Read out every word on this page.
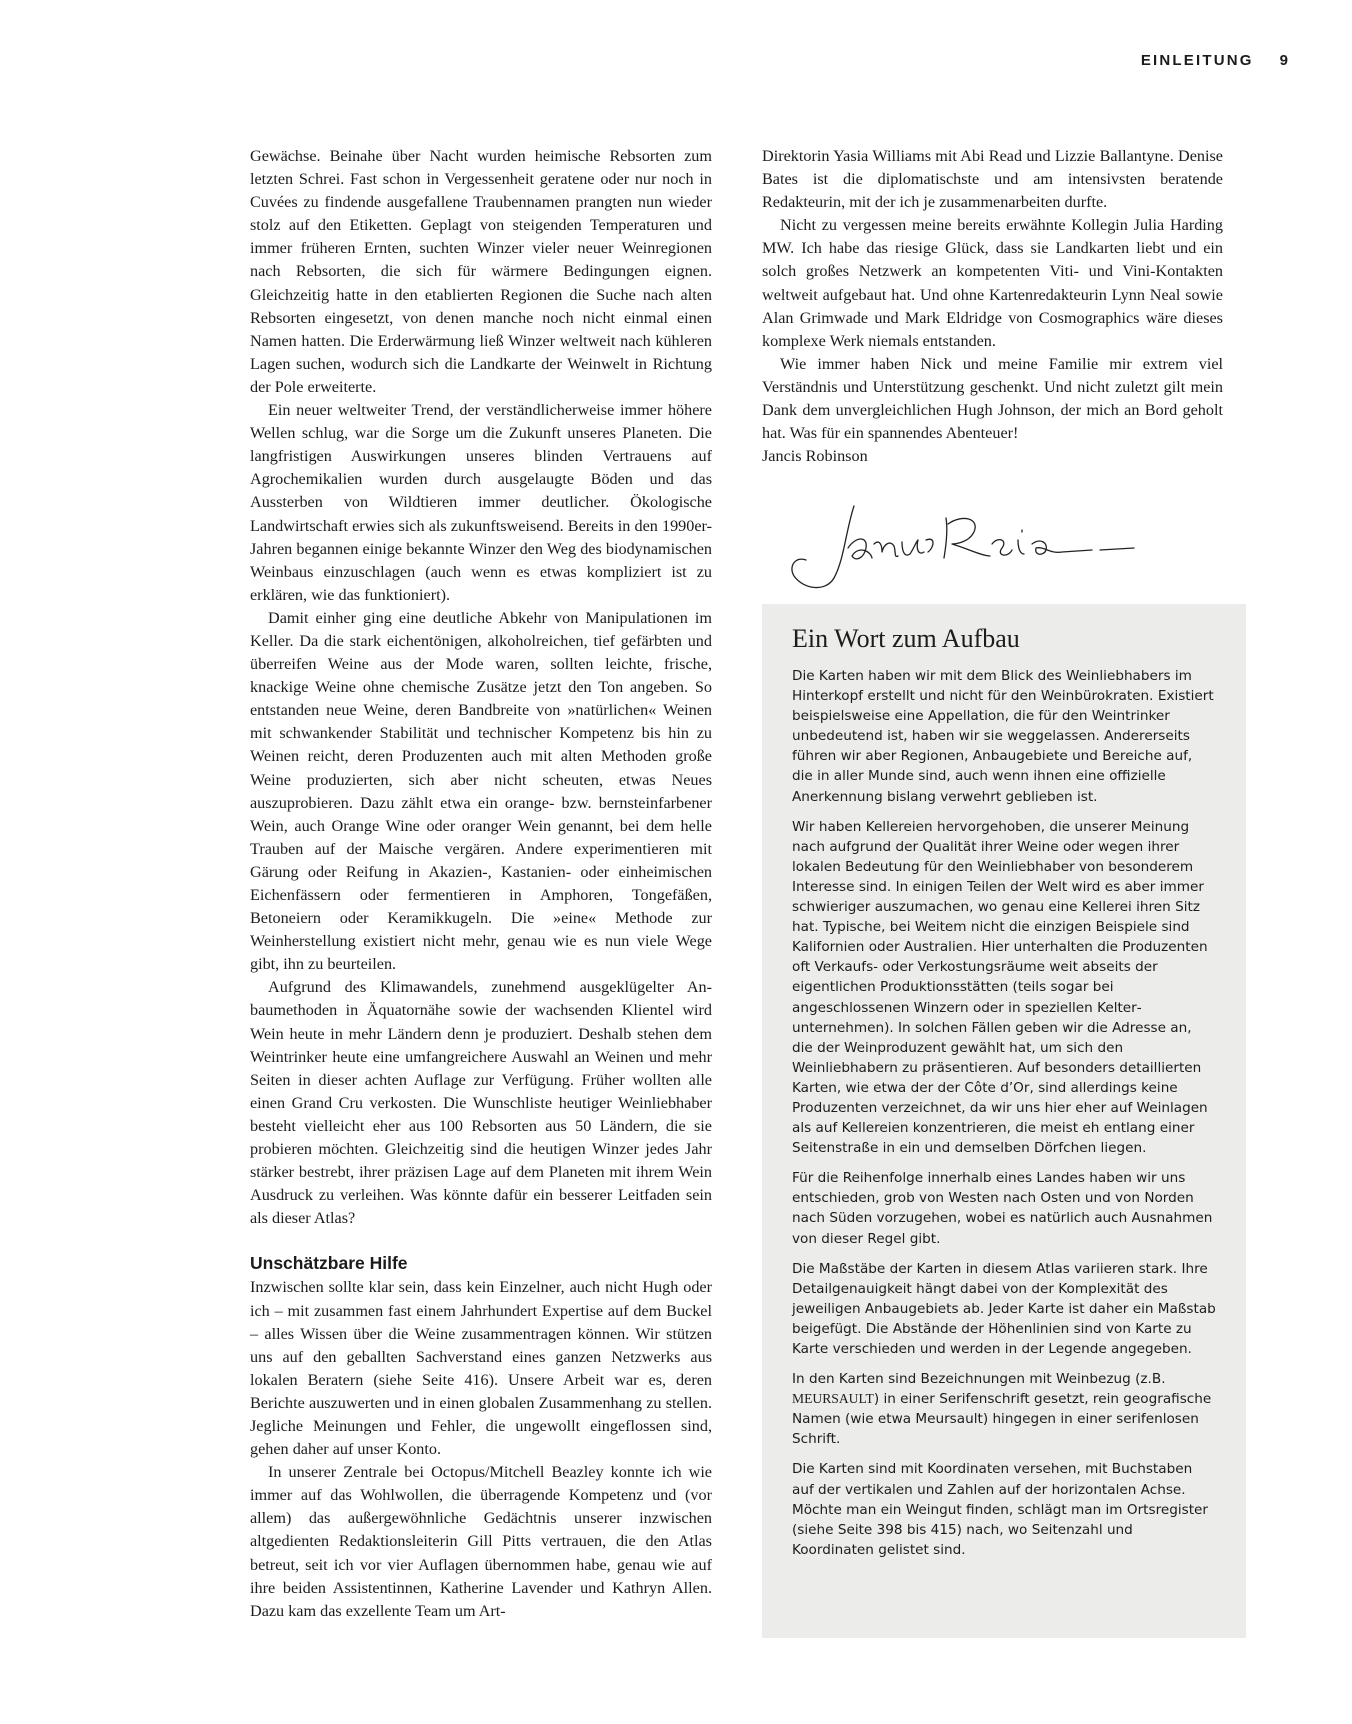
EINLEITUNG 9

Gewächse. Beinahe über Nacht wurden heimische Rebsorten zum letzten Schrei. Fast schon in Vergessenheit geratene oder nur noch in Cuvées zu findende ausgefallene Traubennamen prangten nun wieder stolz auf den Etiketten. Geplagt von steigenden Temperaturen und immer früheren Ernten, suchten Winzer vieler neuer Weinregionen nach Rebsorten, die sich für wärmere Bedingungen eignen. Gleichzeitig hatte in den etablierten Regionen die Suche nach alten Rebsorten eingesetzt, von denen manche noch nicht einmal einen Namen hatten. Die Erderwärmung ließ Winzer weltweit nach kühleren Lagen suchen, wodurch sich die Landkarte der Weinwelt in Richtung der Pole erweiterte.

Ein neuer weltweiter Trend, der verständlicherweise immer höhere Wellen schlug, war die Sorge um die Zukunft unseres Planeten. Die langfristigen Auswirkungen unseres blinden Vertrauens auf Agrochemikalien wurden durch ausgelaugte Böden und das Aussterben von Wildtieren immer deutlicher. Ökologische Landwirtschaft erwies sich als zukunftsweisend. Bereits in den 1990er-Jahren begannen einige bekannte Winzer den Weg des biodynamischen Weinbaus einzuschlagen (auch wenn es etwas kompliziert ist zu erklären, wie das funktioniert).

Damit einher ging eine deutliche Abkehr von Manipulationen im Keller. Da die stark eichentönigen, alkoholreichen, tief gefärbten und überreifen Weine aus der Mode waren, sollten leichte, frische, knackige Weine ohne chemische Zusätze jetzt den Ton angeben. So entstanden neue Weine, deren Bandbreite von »natürlichen« Weinen mit schwankender Stabilität und technischer Kompetenz bis hin zu Weinen reicht, deren Produzenten auch mit alten Methoden große Weine produzierten, sich aber nicht scheuten, etwas Neues auszuprobieren. Dazu zählt etwa ein orange- bzw. bernsteinfarbener Wein, auch Orange Wine oder oranger Wein genannt, bei dem helle Trauben auf der Maische vergären. Andere experimentieren mit Gärung oder Reifung in Akazien-, Kastanien- oder einheimischen Eichenfässern oder fermentieren in Amphoren, Tongefäßen, Betoneiern oder Keramikkugeln. Die »eine« Methode zur Weinherstellung existiert nicht mehr, genau wie es nun viele Wege gibt, ihn zu beurteilen.

Aufgrund des Klimawandels, zunehmend ausgeklügelter Anbaumethoden in Äquatornähe sowie der wachsenden Klientel wird Wein heute in mehr Ländern denn je produziert. Deshalb stehen dem Weintrinker heute eine umfangreichere Auswahl an Weinen und mehr Seiten in dieser achten Auflage zur Verfügung. Früher wollten alle einen Grand Cru verkosten. Die Wunschliste heutiger Weinliebhaber besteht vielleicht eher aus 100 Rebsorten aus 50 Ländern, die sie probieren möchten. Gleichzeitig sind die heutigen Winzer jedes Jahr stärker bestrebt, ihrer präzisen Lage auf dem Planeten mit ihrem Wein Ausdruck zu verleihen. Was könnte dafür ein besserer Leitfaden sein als dieser Atlas?

Unschätzbare Hilfe

Inzwischen sollte klar sein, dass kein Einzelner, auch nicht Hugh oder ich – mit zusammen fast einem Jahrhundert Expertise auf dem Buckel – alles Wissen über die Weine zusammentragen können. Wir stützen uns auf den geballten Sachverstand eines ganzen Netzwerks aus lokalen Beratern (siehe Seite 416). Unsere Arbeit war es, deren Berichte auszuwerten und in einen globalen Zusammenhang zu stellen. Jegliche Meinungen und Fehler, die ungewollt eingeflossen sind, gehen daher auf unser Konto.

In unserer Zentrale bei Octopus/Mitchell Beazley konnte ich wie immer auf das Wohlwollen, die überragende Kompetenz und (vor allem) das außergewöhnliche Gedächtnis unserer inzwischen altgedienten Redaktionsleiterin Gill Pitts vertrauen, die den Atlas betreut, seit ich vor vier Auflagen übernommen habe, genau wie auf ihre beiden Assistentinnen, Katherine Lavender und Kathryn Allen. Dazu kam das exzellente Team um Art-

Direktorin Yasia Williams mit Abi Read und Lizzie Ballantyne. Denise Bates ist die diplomatischste und am intensivsten beratende Redakteurin, mit der ich je zusammenarbeiten durfte.

Nicht zu vergessen meine bereits erwähnte Kollegin Julia Harding MW. Ich habe das riesige Glück, dass sie Landkarten liebt und ein solch großes Netzwerk an kompetenten Viti- und Vini-Kontakten weltweit aufgebaut hat. Und ohne Kartenredakteurin Lynn Neal sowie Alan Grimwade und Mark Eldridge von Cosmographics wäre dieses komplexe Werk niemals entstanden.

Wie immer haben Nick und meine Familie mir extrem viel Verständnis und Unterstützung geschenkt. Und nicht zuletzt gilt mein Dank dem unvergleichlichen Hugh Johnson, der mich an Bord geholt hat. Was für ein spannendes Abenteuer!

Jancis Robinson

Ein Wort zum Aufbau

Die Karten haben wir mit dem Blick des Weinliebhabers im Hinterkopf erstellt und nicht für den Weinbürokraten. Existiert beispielsweise eine Appellation, die für den Weintrinker unbedeutend ist, haben wir sie weggelassen. Andererseits führen wir aber Regionen, Anbaugebiete und Bereiche auf, die in aller Munde sind, auch wenn ihnen eine offizielle Anerkennung bislang verwehrt geblieben ist.

Wir haben Kellereien hervorgehoben, die unserer Meinung nach aufgrund der Qualität ihrer Weine oder wegen ihrer lokalen Bedeutung für den Weinliebhaber von besonderem Interesse sind. In einigen Teilen der Welt wird es aber immer schwieriger auszumachen, wo genau eine Kellerei ihren Sitz hat. Typische, bei Weitem nicht die einzigen Beispiele sind Kalifornien oder Australien. Hier unterhalten die Produzenten oft Verkaufs- oder Verkostungsräume weit abseits der eigentlichen Produktionsstätten (teils sogar bei angeschlossenen Winzern oder in speziellen Kelterunternehmen). In solchen Fällen geben wir die Adresse an, die der Weinproduzent gewählt hat, um sich den Weinliebhabern zu präsentieren. Auf besonders detaillierten Karten, wie etwa der der Côte d’Or, sind allerdings keine Produzenten verzeichnet, da wir uns hier eher auf Weinlagen als auf Kellereien konzentrieren, die meist eh entlang einer Seitenstraße in ein und demselben Dörfchen liegen.

Für die Reihenfolge innerhalb eines Landes haben wir uns entschieden, grob von Westen nach Osten und von Norden nach Süden vorzugehen, wobei es natürlich auch Ausnahmen von dieser Regel gibt.

Die Maßstäbe der Karten in diesem Atlas variieren stark. Ihre Detailgenauigkeit hängt dabei von der Komplexität des jeweiligen Anbaugebiets ab. Jeder Karte ist daher ein Maßstab beigefügt. Die Abstände der Höhenlinien sind von Karte zu Karte verschieden und werden in der Legende angegeben.

In den Karten sind Bezeichnungen mit Weinbezug (z.B. MEURSAULT) in einer Serifenschrift gesetzt, rein geografische Namen (wie etwa Meursault) hingegen in einer serifenlosen Schrift.

Die Karten sind mit Koordinaten versehen, mit Buchstaben auf der vertikalen und Zahlen auf der horizontalen Achse. Möchte man ein Weingut finden, schlägt man im Ortsregister (siehe Seite 398 bis 415) nach, wo Seitenzahl und Koordinaten gelistet sind.
